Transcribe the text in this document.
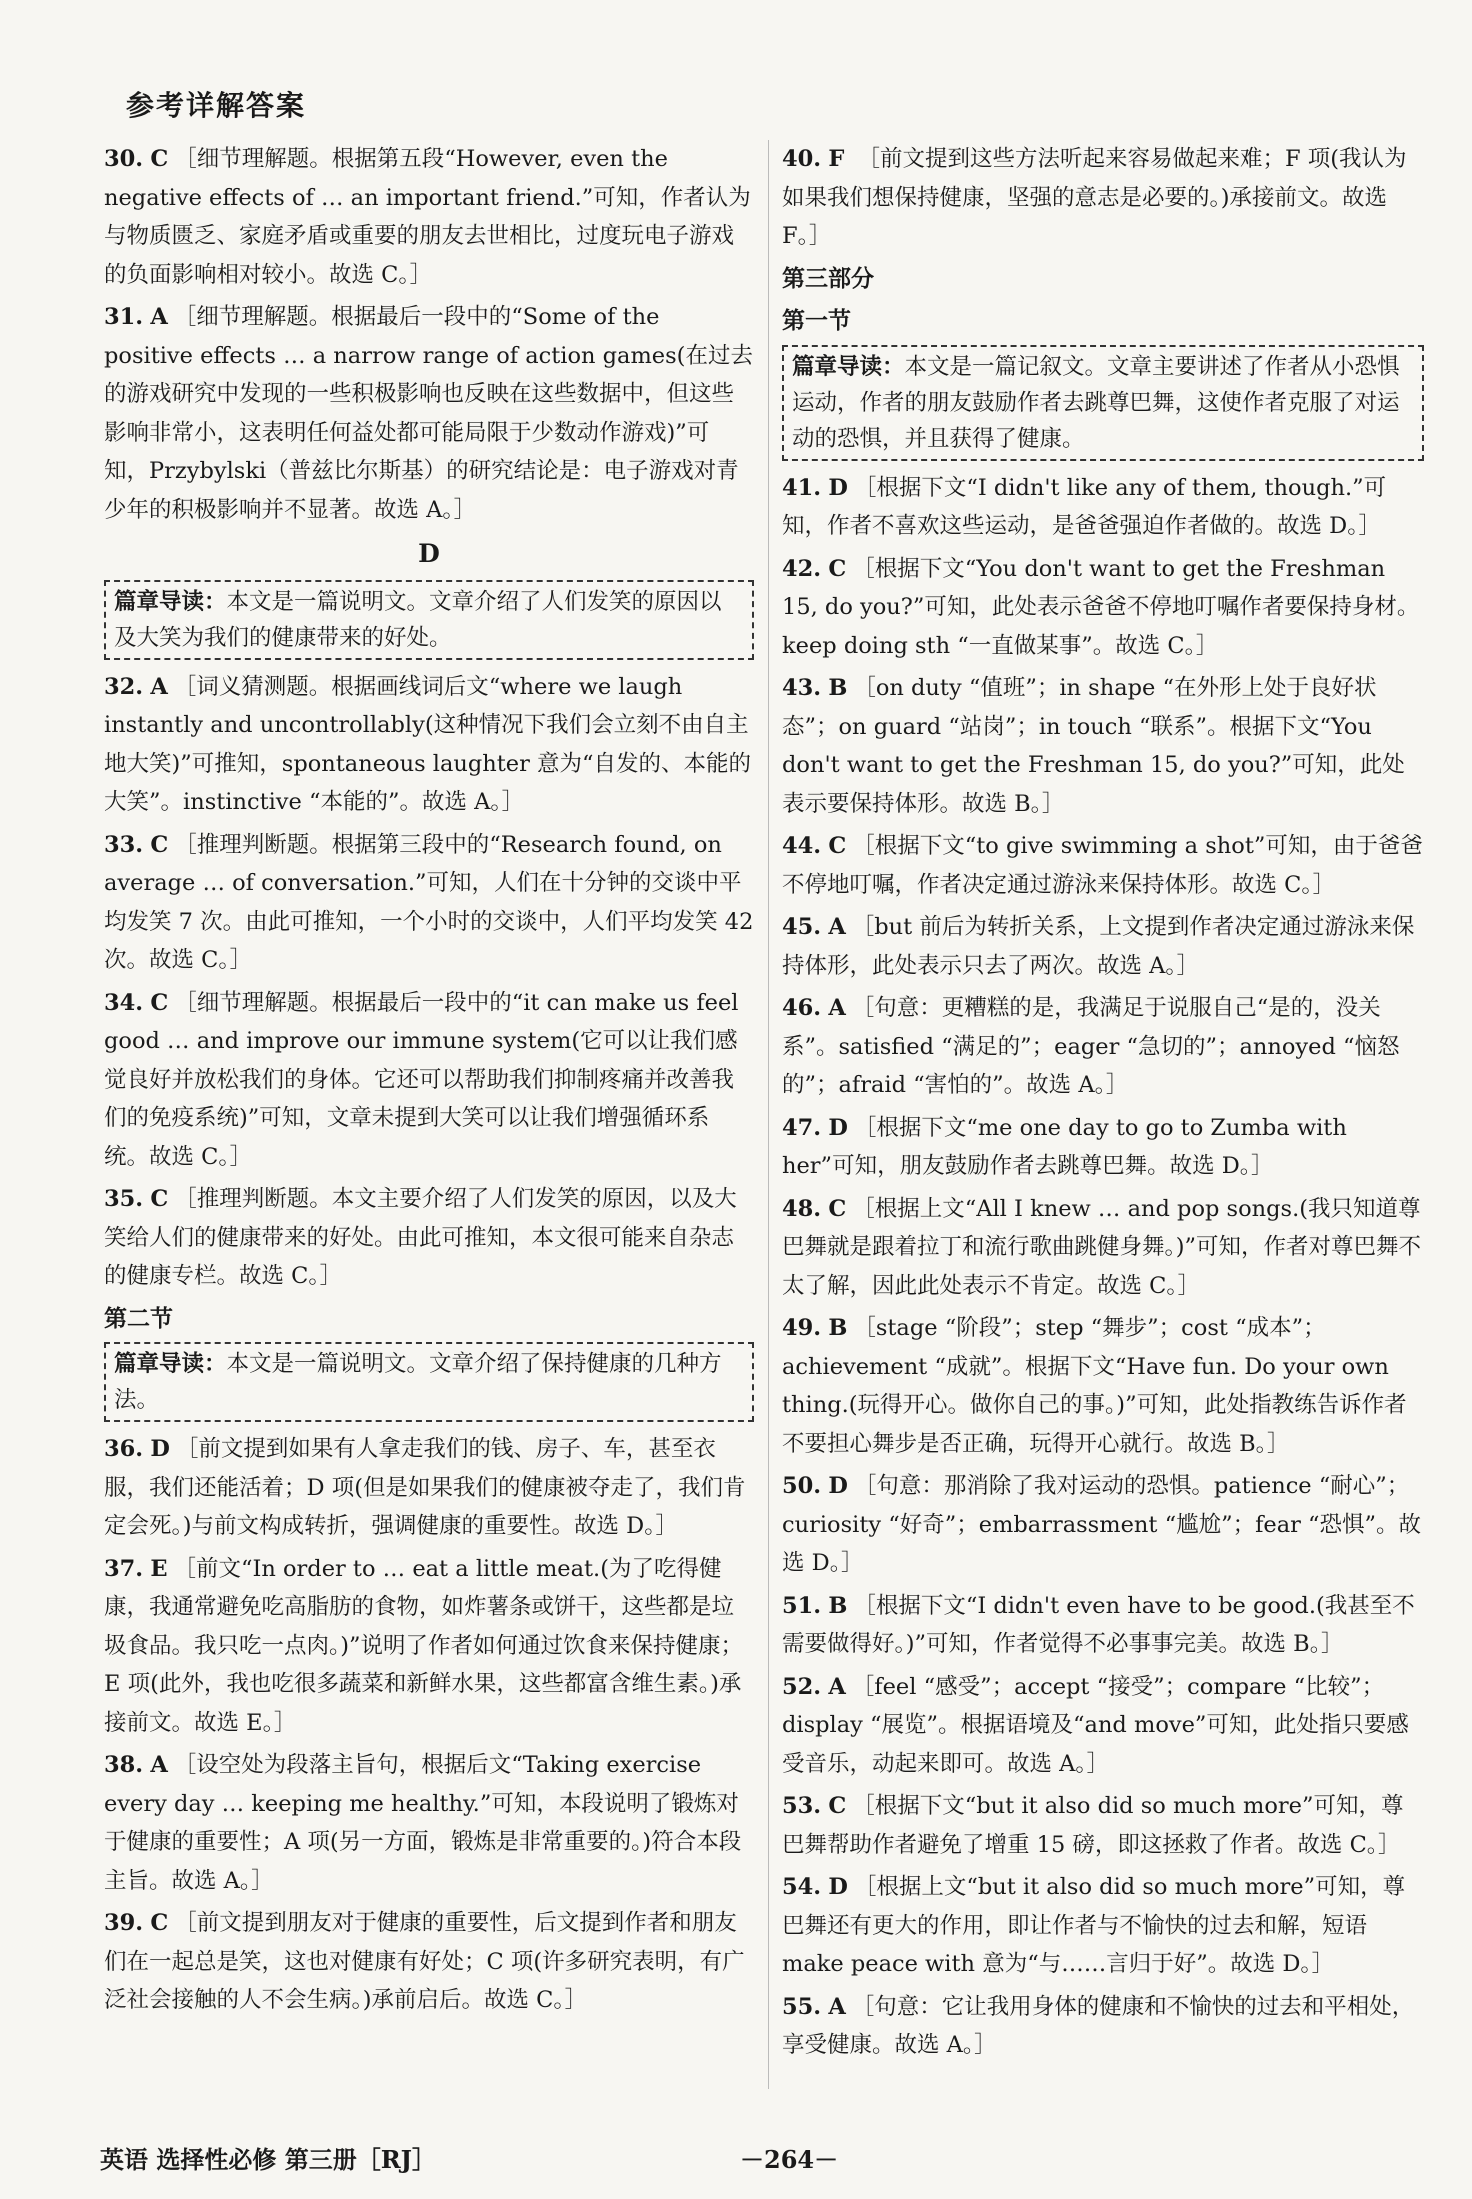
参考详解答案
30. C ［细节理解题。根据第五段“However, even the negative effects of … an important friend.”可知，作者认为与物质匮乏、家庭矛盾或重要的朋友去世相比，过度玩电子游戏的负面影响相对较小。故选 C。］
31. A ［细节理解题。根据最后一段中的“Some of the positive effects … a narrow range of action games(在过去的游戏研究中发现的一些积极影响也反映在这些数据中，但这些影响非常小，这表明任何益处都可能局限于少数动作游戏)”可知，Przybylski（普兹比尔斯基）的研究结论是：电子游戏对青少年的积极影响并不显著。故选 A。］
D
篇章导读：本文是一篇说明文。文章介绍了人们发笑的原因以及大笑为我们的健康带来的好处。
32. A ［词义猜测题。根据画线词后文“where we laugh instantly and uncontrollably(这种情况下我们会立刻不由自主地大笑)”可推知，spontaneous laughter 意为“自发的、本能的大笑”。instinctive “本能的”。故选 A。］
33. C ［推理判断题。根据第三段中的“Research found, on average … of conversation.”可知，人们在十分钟的交谈中平均发笑 7 次。由此可推知，一个小时的交谈中，人们平均发笑 42 次。故选 C。］
34. C ［细节理解题。根据最后一段中的“it can make us feel good … and improve our immune system(它可以让我们感觉良好并放松我们的身体。它还可以帮助我们抑制疼痛并改善我们的免疫系统)”可知，文章未提到大笑可以让我们增强循环系统。故选 C。］
35. C ［推理判断题。本文主要介绍了人们发笑的原因，以及大笑给人们的健康带来的好处。由此可推知，本文很可能来自杂志的健康专栏。故选 C。］
第二节
篇章导读：本文是一篇说明文。文章介绍了保持健康的几种方法。
36. D ［前文提到如果有人拿走我们的钱、房子、车，甚至衣服，我们还能活着；D 项(但是如果我们的健康被夺走了，我们肯定会死。)与前文构成转折，强调健康的重要性。故选 D。］
37. E ［前文“In order to … eat a little meat.(为了吃得健康，我通常避免吃高脂肪的食物，如炸薯条或饼干，这些都是垃圾食品。我只吃一点肉。)”说明了作者如何通过饮食来保持健康；E 项(此外，我也吃很多蔬菜和新鲜水果，这些都富含维生素。)承接前文。故选 E。］
38. A ［设空处为段落主旨句，根据后文“Taking exercise every day … keeping me healthy.”可知，本段说明了锻炼对于健康的重要性；A 项(另一方面，锻炼是非常重要的。)符合本段主旨。故选 A。］
39. C ［前文提到朋友对于健康的重要性，后文提到作者和朋友们在一起总是笑，这也对健康有好处；C 项(许多研究表明，有广泛社会接触的人不会生病。)承前启后。故选 C。］
40. F ［前文提到这些方法听起来容易做起来难；F 项(我认为如果我们想保持健康，坚强的意志是必要的。)承接前文。故选 F。］
第三部分
第一节
篇章导读：本文是一篇记叙文。文章主要讲述了作者从小恐惧运动，作者的朋友鼓励作者去跳尊巴舞，这使作者克服了对运动的恐惧，并且获得了健康。
41. D ［根据下文“I didn't like any of them, though.”可知，作者不喜欢这些运动，是爸爸强迫作者做的。故选 D。］
42. C ［根据下文“You don't want to get the Freshman 15, do you?”可知，此处表示爸爸不停地叮嘱作者要保持身材。keep doing sth “一直做某事”。故选 C。］
43. B ［on duty “值班”；in shape “在外形上处于良好状态”；on guard “站岗”；in touch “联系”。根据下文“You don't want to get the Freshman 15, do you?”可知，此处表示要保持体形。故选 B。］
44. C ［根据下文“to give swimming a shot”可知，由于爸爸不停地叮嘱，作者决定通过游泳来保持体形。故选 C。］
45. A ［but 前后为转折关系，上文提到作者决定通过游泳来保持体形，此处表示只去了两次。故选 A。］
46. A ［句意：更糟糕的是，我满足于说服自己“是的，没关系”。satisfied “满足的”；eager “急切的”；annoyed “恼怒的”；afraid “害怕的”。故选 A。］
47. D ［根据下文“me one day to go to Zumba with her”可知，朋友鼓励作者去跳尊巴舞。故选 D。］
48. C ［根据上文“All I knew … and pop songs.(我只知道尊巴舞就是跟着拉丁和流行歌曲跳健身舞。)”可知，作者对尊巴舞不太了解，因此此处表示不肯定。故选 C。］
49. B ［stage “阶段”；step “舞步”；cost “成本”；achievement “成就”。根据下文“Have fun. Do your own thing.(玩得开心。做你自己的事。)”可知，此处指教练告诉作者不要担心舞步是否正确，玩得开心就行。故选 B。］
50. D ［句意：那消除了我对运动的恐惧。patience “耐心”；curiosity “好奇”；embarrassment “尴尬”；fear “恐惧”。故选 D。］
51. B ［根据下文“I didn't even have to be good.(我甚至不需要做得好。)”可知，作者觉得不必事事完美。故选 B。］
52. A ［feel “感受”；accept “接受”；compare “比较”；display “展览”。根据语境及“and move”可知，此处指只要感受音乐，动起来即可。故选 A。］
53. C ［根据下文“but it also did so much more”可知，尊巴舞帮助作者避免了增重 15 磅，即这拯救了作者。故选 C。］
54. D ［根据上文“but it also did so much more”可知，尊巴舞还有更大的作用，即让作者与不愉快的过去和解，短语 make peace with 意为“与……言归于好”。故选 D。］
55. A ［句意：它让我用身体的健康和不愉快的过去和平相处，享受健康。故选 A。］
英语 选择性必修 第三册［RJ］	－264－
